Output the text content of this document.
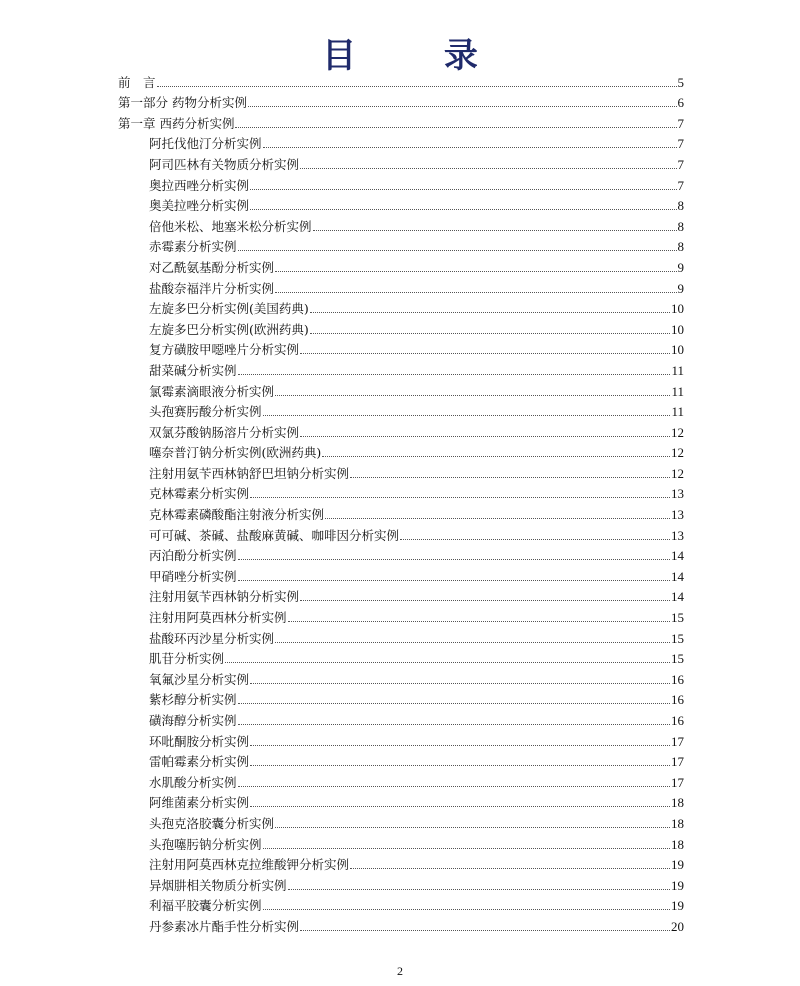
目 录
前　言	5
第一部分 药物分析实例	6
第一章 西药分析实例	7
阿托伐他汀分析实例	7
阿司匹林有关物质分析实例	7
奥拉西唑分析实例	7
奥美拉唑分析实例	8
倍他米松、地塞米松分析实例	8
赤霉素分析实例	8
对乙酰氨基酚分析实例	9
盐酸奈福泮片分析实例	9
左旋多巴分析实例(美国药典)	10
左旋多巴分析实例(欧洲药典)	10
复方磺胺甲噁唑片分析实例	10
甜菜碱分析实例	11
氯霉素滴眼液分析实例	11
头孢赛肟酸分析实例	11
双氯芬酸钠肠溶片分析实例	12
噻奈普汀钠分析实例(欧洲药典)	12
注射用氨苄西林钠舒巴坦钠分析实例	12
克林霉素分析实例	13
克林霉素磷酸酯注射液分析实例	13
可可碱、茶碱、盐酸麻黄碱、咖啡因分析实例	13
丙泊酚分析实例	14
甲硝唑分析实例	14
注射用氨苄西林钠分析实例	14
注射用阿莫西林分析实例	15
盐酸环丙沙星分析实例	15
肌苷分析实例	15
氧氟沙星分析实例	16
紫杉醇分析实例	16
磺海醇分析实例	16
环吡酮胺分析实例	17
雷帕霉素分析实例	17
水肌酸分析实例	17
阿维菌素分析实例	18
头孢克洛胶囊分析实例	18
头孢噻肟钠分析实例	18
注射用阿莫西林克拉维酸钾分析实例	19
异烟肼相关物质分析实例	19
利福平胶囊分析实例	19
丹参素冰片酯手性分析实例	20
2
